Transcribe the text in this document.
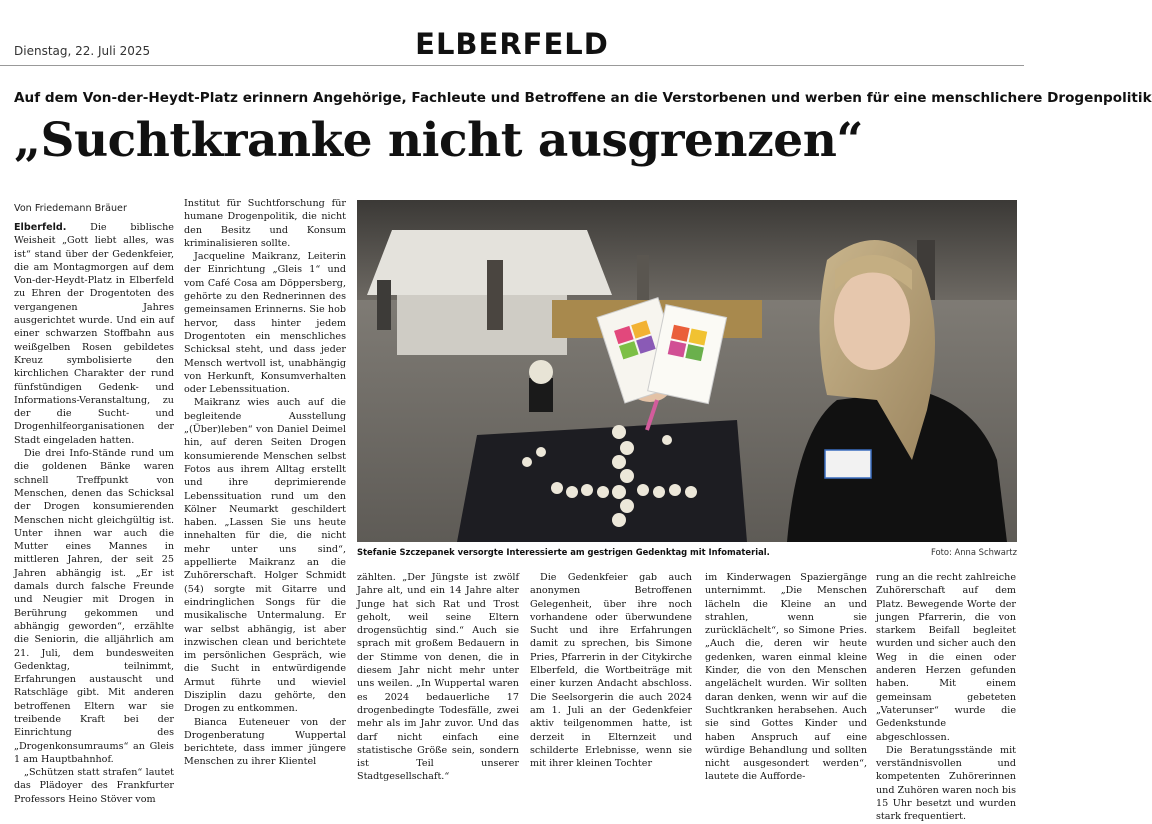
Dienstag, 22. Juli 2025	ELBERFELD
Auf dem Von-der-Heydt-Platz erinnern Angehörige, Fachleute und Betroffene an die Verstorbenen und werben für eine menschlichere Drogenpolitik
„Suchtkranke nicht ausgrenzen“
Von Friedemann Bräuer

Elberfeld. Die biblische Weisheit „Gott liebt alles, was ist“ stand über der Gedenkfeier, die am Montagmorgen auf dem Von-der-Heydt-Platz in Elberfeld zu Ehren der Drogentoten des vergangenen Jahres ausgerichtet wurde. Und ein auf einer schwarzen Stoffbahn aus weißgelben Rosen gebildetes Kreuz symbolisierte den kirchlichen Charakter der rund fünfstündigen Gedenk- und Informations-Veranstaltung, zu der die Sucht- und Drogenhilfeorganisationen der Stadt eingeladen hatten.

Die drei Info-Stände rund um die goldenen Bänke waren schnell Treffpunkt von Menschen, denen das Schicksal der Drogen konsumierenden Menschen nicht gleichgültig ist. Unter ihnen war auch die Mutter eines Mannes in mittleren Jahren, der seit 25 Jahren abhängig ist. „Er ist damals durch falsche Freunde und Neugier mit Drogen in Berührung gekommen und abhängig geworden“, erzählte die Seniorin, die alljährlich am 21. Juli, dem bundesweiten Gedenktag, teilnimmt, Erfahrungen austauscht und Ratschläge gibt. Mit anderen betroffenen Eltern war sie treibende Kraft bei der Einrichtung des „Drogenkonsumraums“ an Gleis 1 am Hauptbahnhof.

„Schützen statt strafen“ lautet das Plädoyer des Frankfurter Professors Heino Stöver vom

Institut für Suchtforschung für humane Drogenpolitik, die nicht den Besitz und Konsum kriminalisieren sollte.

Jacqueline Maikranz, Leiterin der Einrichtung „Gleis 1“ und vom Café Cosa am Döppersberg, gehörte zu den Rednerinnen des gemeinsamen Erinnerns. Sie hob hervor, dass hinter jedem Drogentoten ein menschliches Schicksal steht, und dass jeder Mensch wertvoll ist, unabhängig von Herkunft, Konsumverhalten oder Lebenssituation.

Maikranz wies auch auf die begleitende Ausstellung „(Über)leben“ von Daniel Deimel hin, auf deren Seiten Drogen konsumierende Menschen selbst Fotos aus ihrem Alltag erstellt und ihre deprimierende Lebenssituation rund um den Kölner Neumarkt geschildert haben. „Lassen Sie uns heute innehalten für die, die nicht mehr unter uns sind“, appellierte Maikranz an die Zuhörerschaft. Holger Schmidt (54) sorgte mit Gitarre und eindringlichen Songs für die musikalische Untermalung. Er war selbst abhängig, ist aber inzwischen clean und berichtete im persönlichen Gespräch, wie die Sucht in entwürdigende Armut führte und wieviel Disziplin dazu gehörte, den Drogen zu entkommen.

Bianca Euteneuer von der Drogenberatung Wuppertal berichtete, dass immer jüngere Menschen zu ihrer Klientel

Stefanie Szczepanek versorgte Interessierte am gestrigen Gedenktag mit Infomaterial.	Foto: Anna Schwartz

zählten. „Der Jüngste ist zwölf Jahre alt, und ein 14 Jahre alter Junge hat sich Rat und Trost geholt, weil seine Eltern drogensüchtig sind.“ Auch sie sprach mit großem Bedauern in der Stimme von denen, die in diesem Jahr nicht mehr unter uns weilen. „In Wuppertal waren es 2024 bedauerliche 17 drogenbedingte Todesfälle, zwei mehr als im Jahr zuvor. Und das darf nicht einfach eine statistische Größe sein, sondern ist Teil unserer Stadtgesellschaft.“

Die Gedenkfeier gab auch anonymen Betroffenen Gelegenheit, über ihre noch vorhandene oder überwundene Sucht und ihre Erfahrungen damit zu sprechen, bis Simone Pries, Pfarrerin in der Citykirche Elberfeld, die Wortbeiträge mit einer kurzen Andacht abschloss. Die Seelsorgerin die auch 2024 am 1. Juli an der Gedenkfeier aktiv teilgenommen hatte, ist derzeit in Elternzeit und schilderte Erlebnisse, wenn sie mit ihrer kleinen Tochter

im Kinderwagen Spaziergänge unternimmt. „Die Menschen lächeln die Kleine an und strahlen, wenn sie zurücklächelt“, so Simone Pries. „Auch die, deren wir heute gedenken, waren einmal kleine Kinder, die von den Menschen angelächelt wurden. Wir sollten daran denken, wenn wir auf die Suchtkranken herabsehen. Auch sie sind Gottes Kinder und haben Anspruch auf eine würdige Behandlung und sollten nicht ausgesondert werden“, lautete die Aufforde-

rung an die recht zahlreiche Zuhörerschaft auf dem Platz. Bewegende Worte der jungen Pfarrerin, die von starkem Beifall begleitet wurden und sicher auch den Weg in die einen oder anderen Herzen gefunden haben. Mit einem gemeinsam gebeteten „Vaterunser“ wurde die Gedenkstunde abgeschlossen.

Die Beratungsstände mit verständnisvollen und kompetenten Zuhörerinnen und Zuhören waren noch bis 15 Uhr besetzt und wurden stark frequentiert.
